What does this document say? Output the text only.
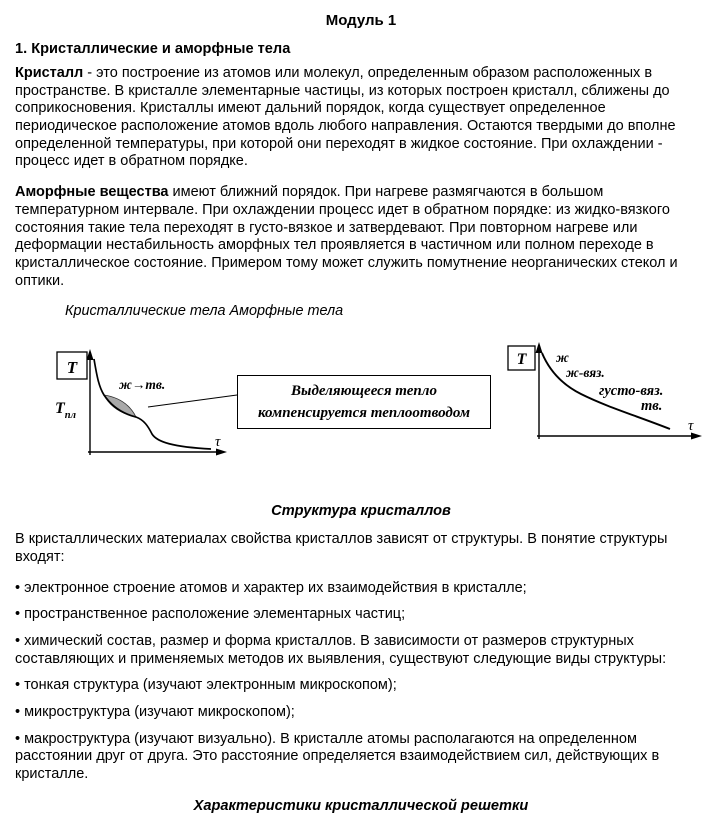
Модуль 1
1. Кристаллические и аморфные тела

Кристалл - это построение из атомов или молекул, определенным образом расположенных в пространстве. В кристалле элементарные частицы, из которых построен кристалл, сближены до соприкосновения. Кристаллы имеют дальний порядок, когда существует определенное периодическое расположение атомов вдоль любого направления. Остаются твердыми до вполне определенной температуры, при которой они переходят в жидкое состояние. При охлаждении - процесс идет в обратном порядке.

Аморфные вещества имеют ближний порядок. При нагреве размягчаются в большом температурном интервале. При охлаждении процесс идет в обратном порядке: из жидко-вязкого состояния такие тела переходят в густо-вязкое и затвердевают. При повторном нагреве или деформации нестабильность аморфных тел проявляется в частичном или полном переходе в кристаллическое состояние. Примером тому может служить помутнение неорганических стекол и оптики.

Кристаллические тела Аморфные тела
T
$T_{пл}$
ж→тв.
τ
T ж
ж-вяз.
густо-вяз.
тв.
τ
Выделяющееся тепло
компенсируется теплоотводом
Структура кристаллов

В кристаллических материалах свойства кристаллов зависят от структуры. В понятие структуры входят:

• электронное строение атомов и характер их взаимодействия в кристалле;
• пространственное расположение элементарных частиц;
• химический состав, размер и форма кристаллов. В зависимости от размеров структурных составляющих и применяемых методов их выявления, существуют следующие виды структуры:
• тонкая структура (изучают электронным микроскопом);
• микроструктура (изучают микроскопом);
• макроструктура (изучают визуально). В кристалле атомы располагаются на определенном расстоянии друг от друга. Это расстояние определяется взаимодействием сил, действующих в кристалле.
Характеристики кристаллической решетки
